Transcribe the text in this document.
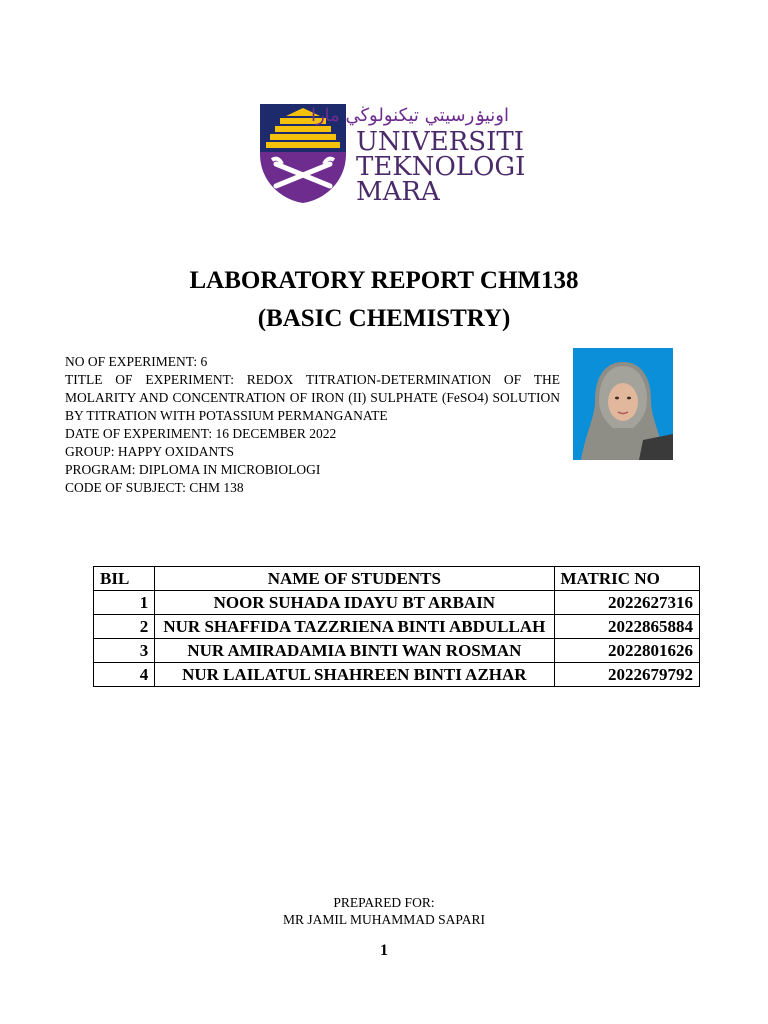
اونيۏرسيتي تيكنولوڬي مارا
UNIVERSITI
TEKNOLOGI
MARA
LABORATORY REPORT CHM138
(BASIC CHEMISTRY)
NO OF EXPERIMENT: 6
TITLE OF EXPERIMENT: REDOX TITRATION-DETERMINATION OF THE MOLARITY AND CONCENTRATION OF IRON (II) SULPHATE (FeSO4) SOLUTION BY TITRATION WITH POTASSIUM PERMANGANATE
DATE OF EXPERIMENT: 16 DECEMBER 2022
GROUP: HAPPY OXIDANTS
PROGRAM: DIPLOMA IN MICROBIOLOGI
CODE OF SUBJECT: CHM 138
BIL	NAME OF STUDENTS	MATRIC NO
1	NOOR SUHADA IDAYU BT ARBAIN	2022627316
2	NUR SHAFFIDA TAZZRIENA BINTI ABDULLAH	2022865884
3	NUR AMIRADAMIA BINTI WAN ROSMAN	2022801626
4	NUR LAILATUL SHAHREEN BINTI AZHAR	2022679792
PREPARED FOR:
MR JAMIL MUHAMMAD SAPARI
1
